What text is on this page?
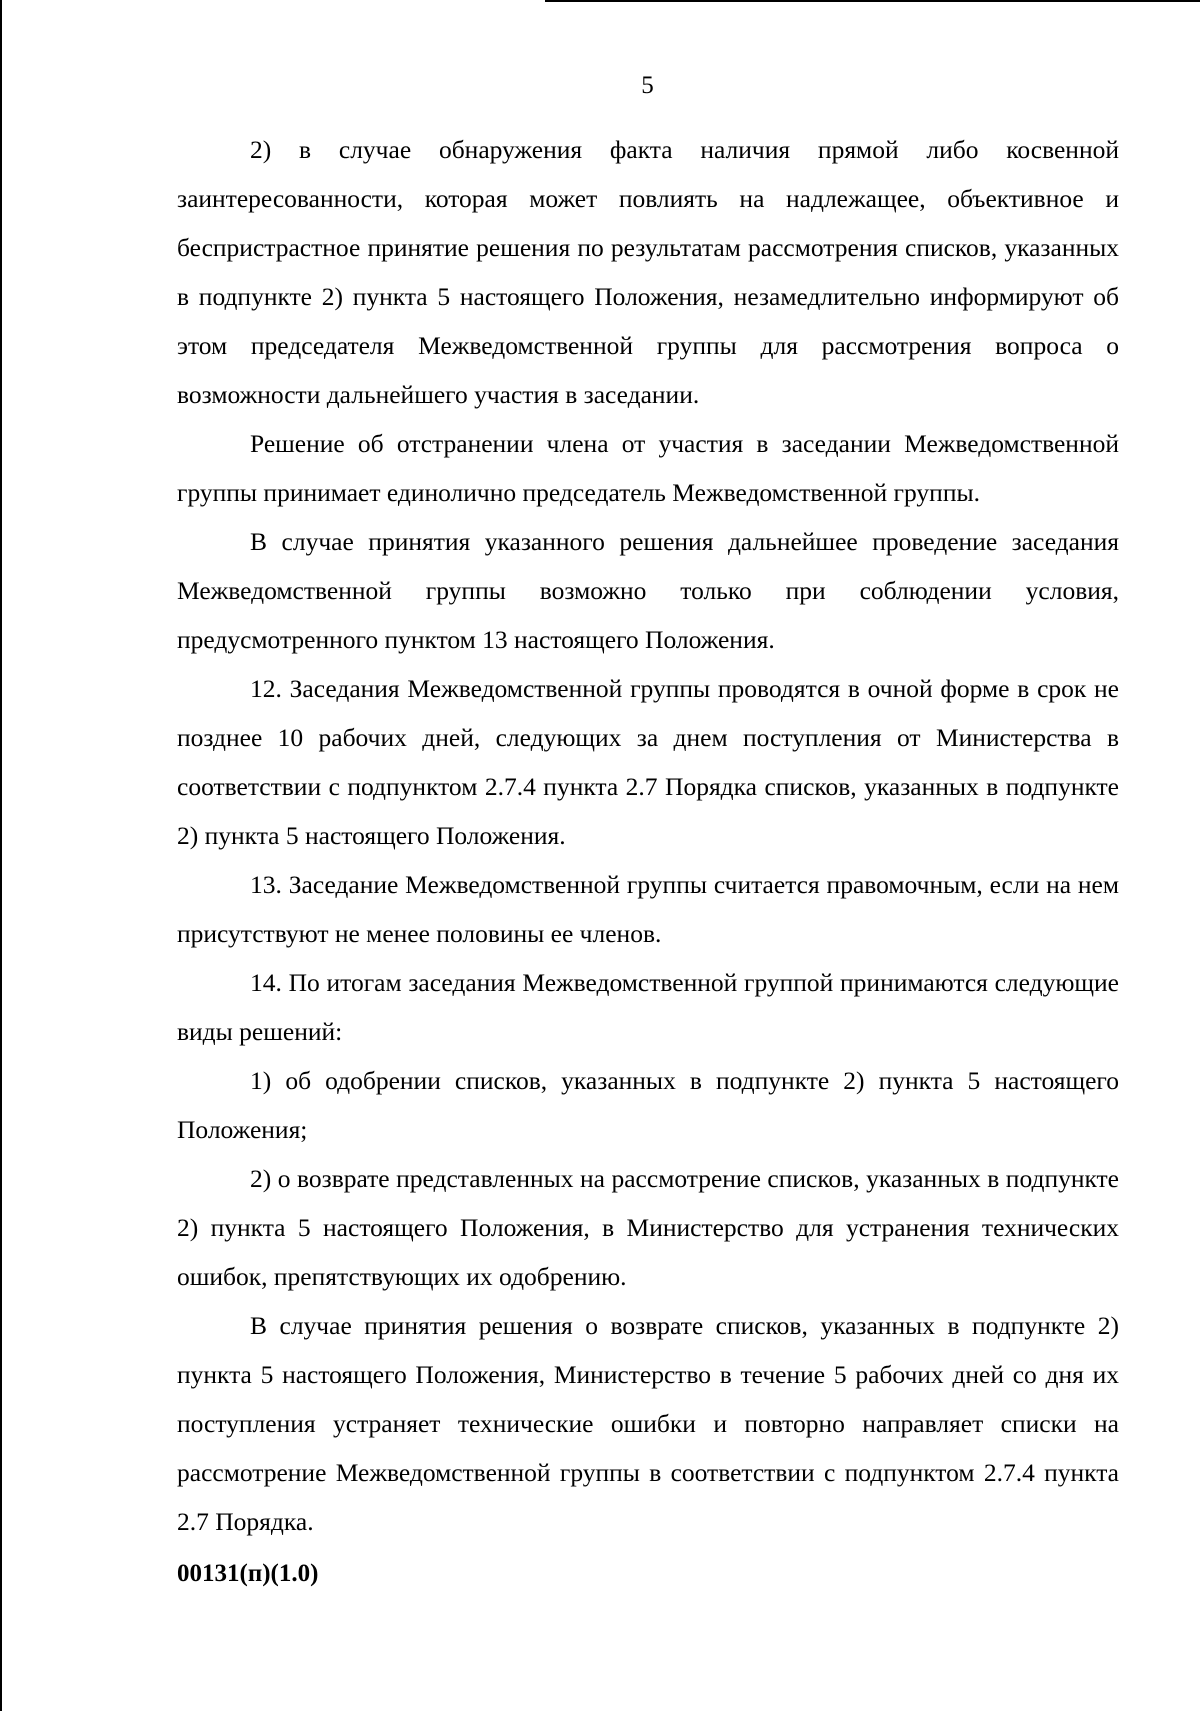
5

2) в случае обнаружения факта наличия прямой либо косвенной заинтересованности, которая может повлиять на надлежащее, объективное и беспристрастное принятие решения по результатам рассмотрения списков, указанных в подпункте 2) пункта 5 настоящего Положения, незамедлительно информируют об этом председателя Межведомственной группы для рассмотрения вопроса о возможности дальнейшего участия в заседании.

Решение об отстранении члена от участия в заседании Межведомственной группы принимает единолично председатель Межведомственной группы.

В случае принятия указанного решения дальнейшее проведение заседания Межведомственной группы возможно только при соблюдении условия, предусмотренного пунктом 13 настоящего Положения.

12. Заседания Межведомственной группы проводятся в очной форме в срок не позднее 10 рабочих дней, следующих за днем поступления от Министерства в соответствии с подпунктом 2.7.4 пункта 2.7 Порядка списков, указанных в подпункте 2) пункта 5 настоящего Положения.

13. Заседание Межведомственной группы считается правомочным, если на нем присутствуют не менее половины ее членов.

14. По итогам заседания Межведомственной группой принимаются следующие виды решений:

1) об одобрении списков, указанных в подпункте 2) пункта 5 настоящего Положения;

2) о возврате представленных на рассмотрение списков, указанных в подпункте 2) пункта 5 настоящего Положения, в Министерство для устранения технических ошибок, препятствующих их одобрению.

В случае принятия решения о возврате списков, указанных в подпункте 2) пункта 5 настоящего Положения, Министерство в течение 5 рабочих дней со дня их поступления устраняет технические ошибки и повторно направляет списки на рассмотрение Межведомственной группы в соответствии с подпунктом 2.7.4 пункта 2.7 Порядка.

00131(п)(1.0)
